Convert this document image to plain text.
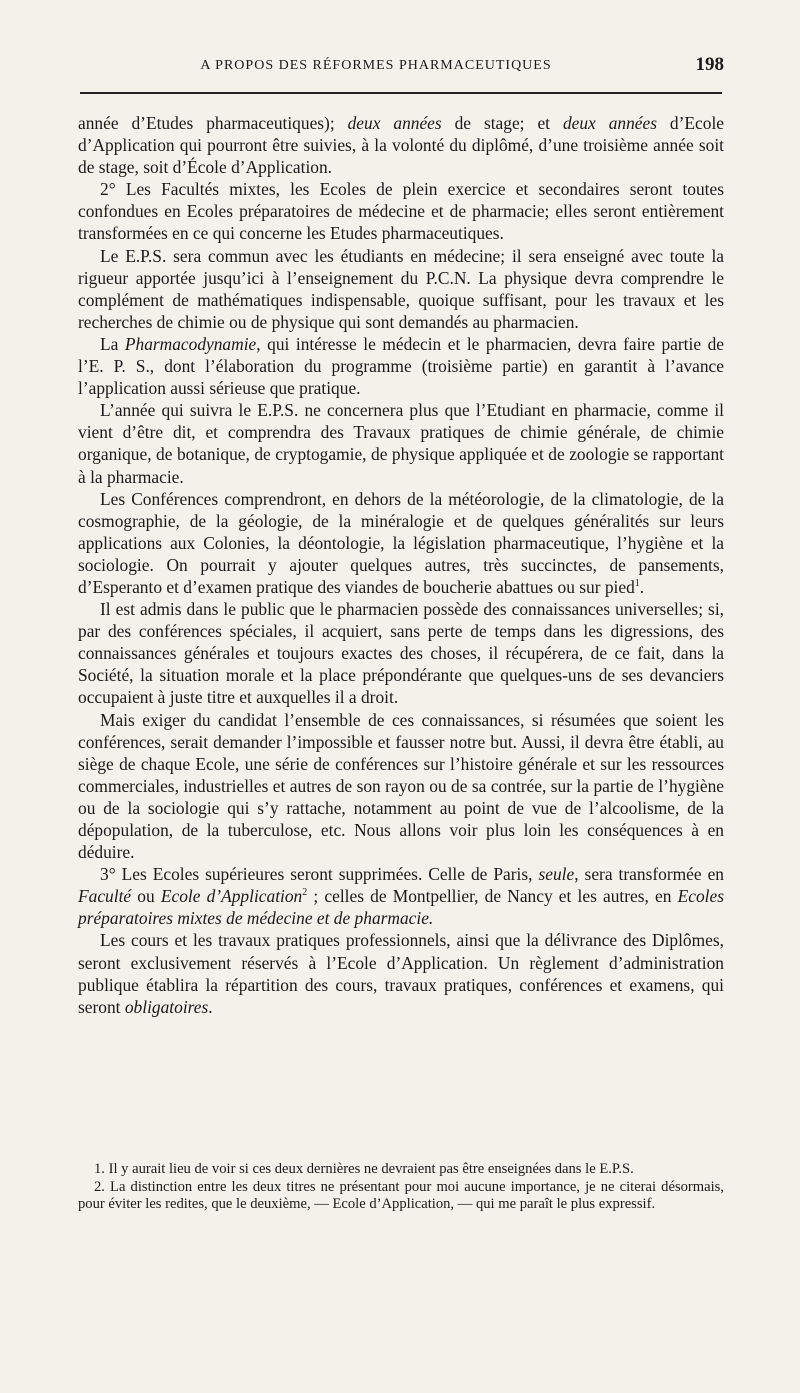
A PROPOS DES RÉFORMES PHARMACEUTIQUES	198

année d’Etudes pharmaceutiques); deux années de stage; et deux années d’Ecole d’Application qui pourront être suivies, à la volonté du diplômé, d’une troisième année soit de stage, soit d’École d’Application.

2° Les Facultés mixtes, les Ecoles de plein exercice et secondaires seront toutes confondues en Ecoles préparatoires de médecine et de pharmacie; elles seront entièrement transformées en ce qui concerne les Etudes pharmaceutiques.

Le E.P.S. sera commun avec les étudiants en médecine; il sera enseigné avec toute la rigueur apportée jusqu’ici à l’enseignement du P.C.N. La physique devra comprendre le complément de mathématiques indispensable, quoique suffisant, pour les travaux et les recherches de chimie ou de physique qui sont demandés au pharmacien.

La Pharmacodynamie, qui intéresse le médecin et le pharmacien, devra faire partie de l’E. P. S., dont l’élaboration du programme (troisième partie) en garantit à l’avance l’application aussi sérieuse que pratique.

L’année qui suivra le E.P.S. ne concernera plus que l’Etudiant en pharmacie, comme il vient d’être dit, et comprendra des Travaux pratiques de chimie générale, de chimie organique, de botanique, de cryptogamie, de physique appliquée et de zoologie se rapportant à la pharmacie.

Les Conférences comprendront, en dehors de la météorologie, de la climatologie, de la cosmographie, de la géologie, de la minéralogie et de quelques généralités sur leurs applications aux Colonies, la déontologie, la législation pharmaceutique, l’hygiène et la sociologie. On pourrait y ajouter quelques autres, très succinctes, de pansements, d’Esperanto et d’examen pratique des viandes de boucherie abattues ou sur pied$^1$.

Il est admis dans le public que le pharmacien possède des connaissances universelles; si, par des conférences spéciales, il acquiert, sans perte de temps dans les digressions, des connaissances générales et toujours exactes des choses, il récupérera, de ce fait, dans la Société, la situation morale et la place prépondérante que quelques-uns de ses devanciers occupaient à juste titre et auxquelles il a droit.

Mais exiger du candidat l’ensemble de ces connaissances, si résumées que soient les conférences, serait demander l’impossible et fausser notre but. Aussi, il devra être établi, au siège de chaque Ecole, une série de conférences sur l’histoire générale et sur les ressources commerciales, industrielles et autres de son rayon ou de sa contrée, sur la partie de l’hygiène ou de la sociologie qui s’y rattache, notamment au point de vue de l’alcoolisme, de la dépopulation, de la tuberculose, etc. Nous allons voir plus loin les conséquences à en déduire.

3° Les Ecoles supérieures seront supprimées. Celle de Paris, seule, sera transformée en Faculté ou Ecole d’Application$^2$ ; celles de Montpellier, de Nancy et les autres, en Ecoles préparatoires mixtes de médecine et de pharmacie.

Les cours et les travaux pratiques professionnels, ainsi que la délivrance des Diplômes, seront exclusivement réservés à l’Ecole d’Application. Un règlement d’administration publique établira la répartition des cours, travaux pratiques, conférences et examens, qui seront obligatoires.

1. Il y aurait lieu de voir si ces deux dernières ne devraient pas être enseignées dans le E.P.S.

2. La distinction entre les deux titres ne présentant pour moi aucune importance, je ne citerai désormais, pour éviter les redites, que le deuxième, — Ecole d’Application, — qui me paraît le plus expressif.
